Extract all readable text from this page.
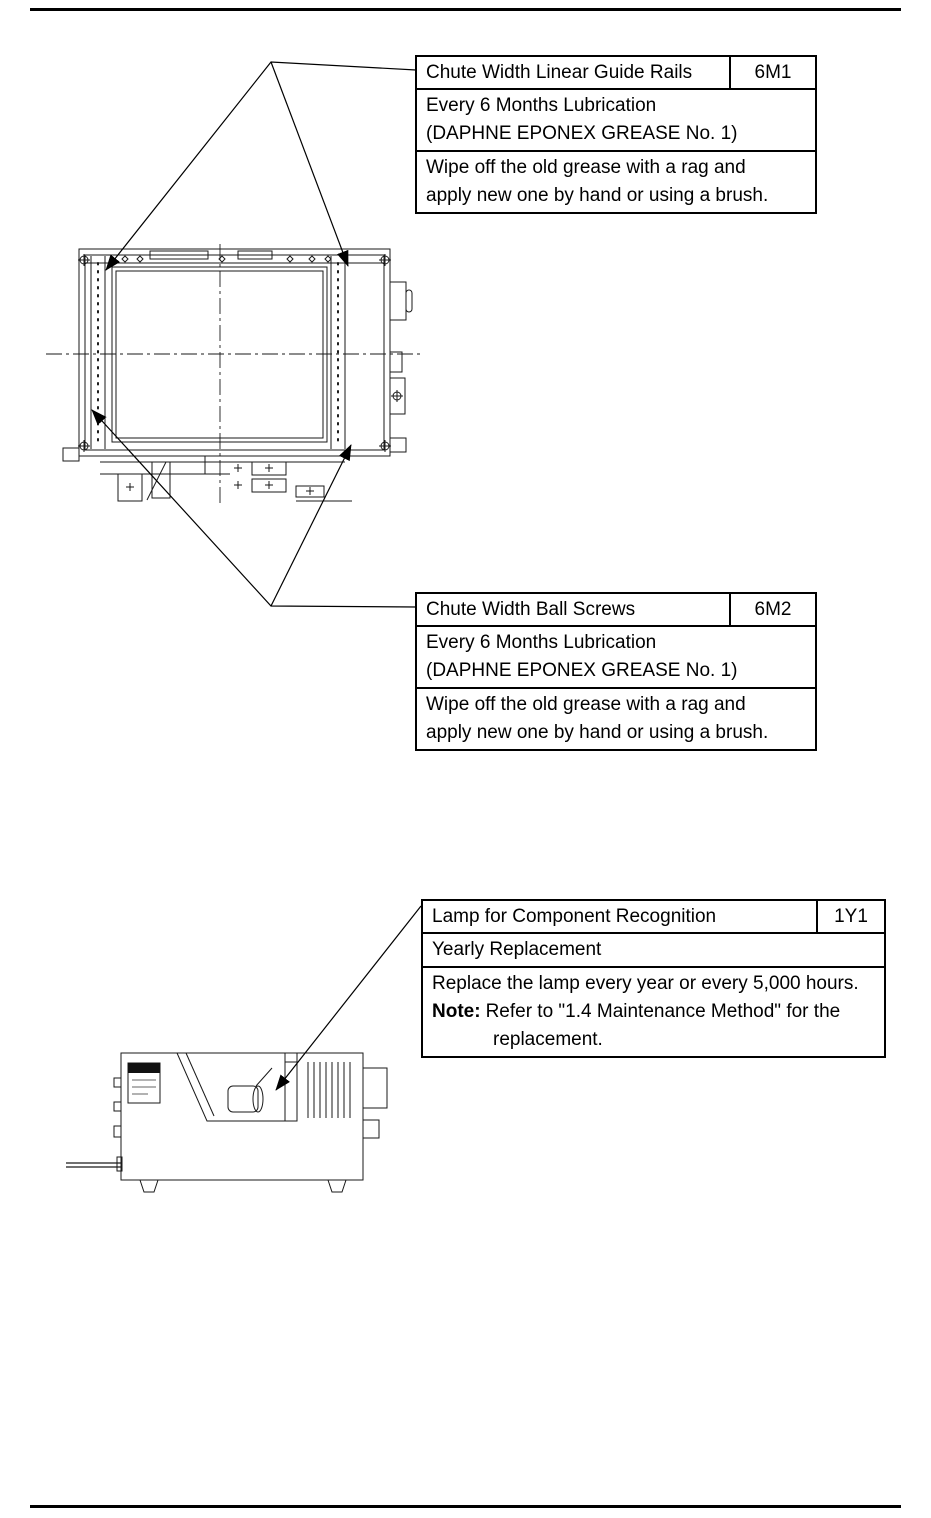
Chute Width Linear Guide Rails	6M1
Every 6 Months Lubrication
(DAPHNE EPONEX GREASE No. 1)
Wipe off the old grease with a rag and
apply new one by hand or using a brush.
Chute Width Ball Screws	6M2
Every 6 Months Lubrication
(DAPHNE EPONEX GREASE No. 1)
Wipe off the old grease with a rag and
apply new one by hand or using a brush.
Lamp for Component Recognition	1Y1
Yearly Replacement
Replace the lamp every year or every 5,000 hours.
Note: Refer to "1.4 Maintenance Method" for the
replacement.
